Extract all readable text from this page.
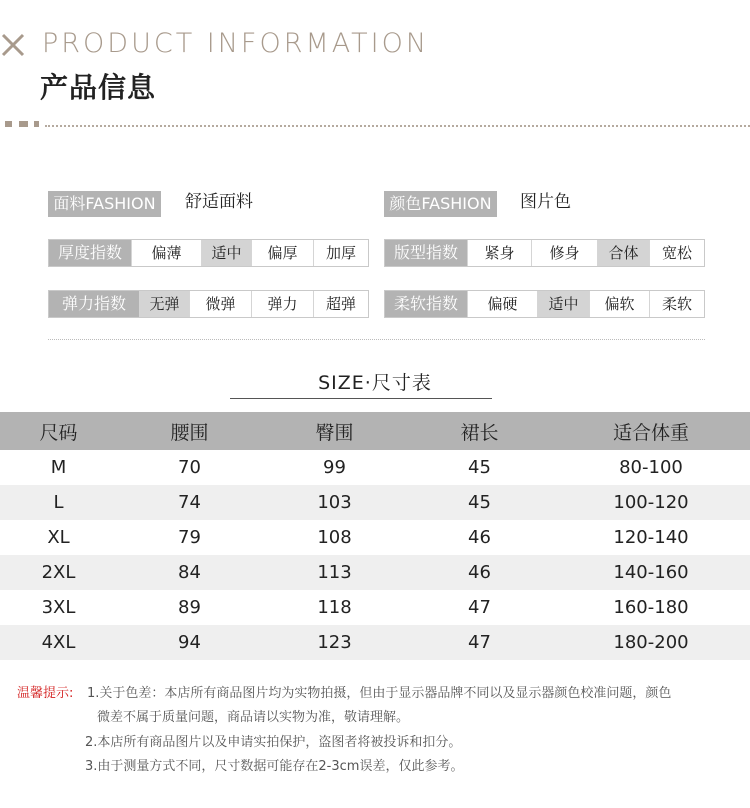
PRODUCT INFORMATION
产品信息
面料FASHION	舒适面料	颜色FASHION	图片色
厚度指数	偏薄	适中	偏厚	加厚	版型指数	紧身	修身	合体	宽松
弹力指数	无弹	微弹	弹力	超弹	柔软指数	偏硬	适中	偏软	柔软
SIZE·尺寸表
尺码	腰围	臀围	裙长	适合体重
M	70	99	45	80-100
L	74	103	45	100-120
XL	79	108	46	120-140
2XL	84	113	46	140-160
3XL	89	118	47	160-180
4XL	94	123	47	180-200
温馨提示: 1.关于色差：本店所有商品图片均为实物拍摄，但由于显示器品牌不同以及显示器颜色校准问题，颜色
微差不属于质量问题，商品请以实物为准，敬请理解。
2.本店所有商品图片以及申请实拍保护，盗图者将被投诉和扣分。
3.由于测量方式不同，尺寸数据可能存在2-3cm误差，仅此参考。
